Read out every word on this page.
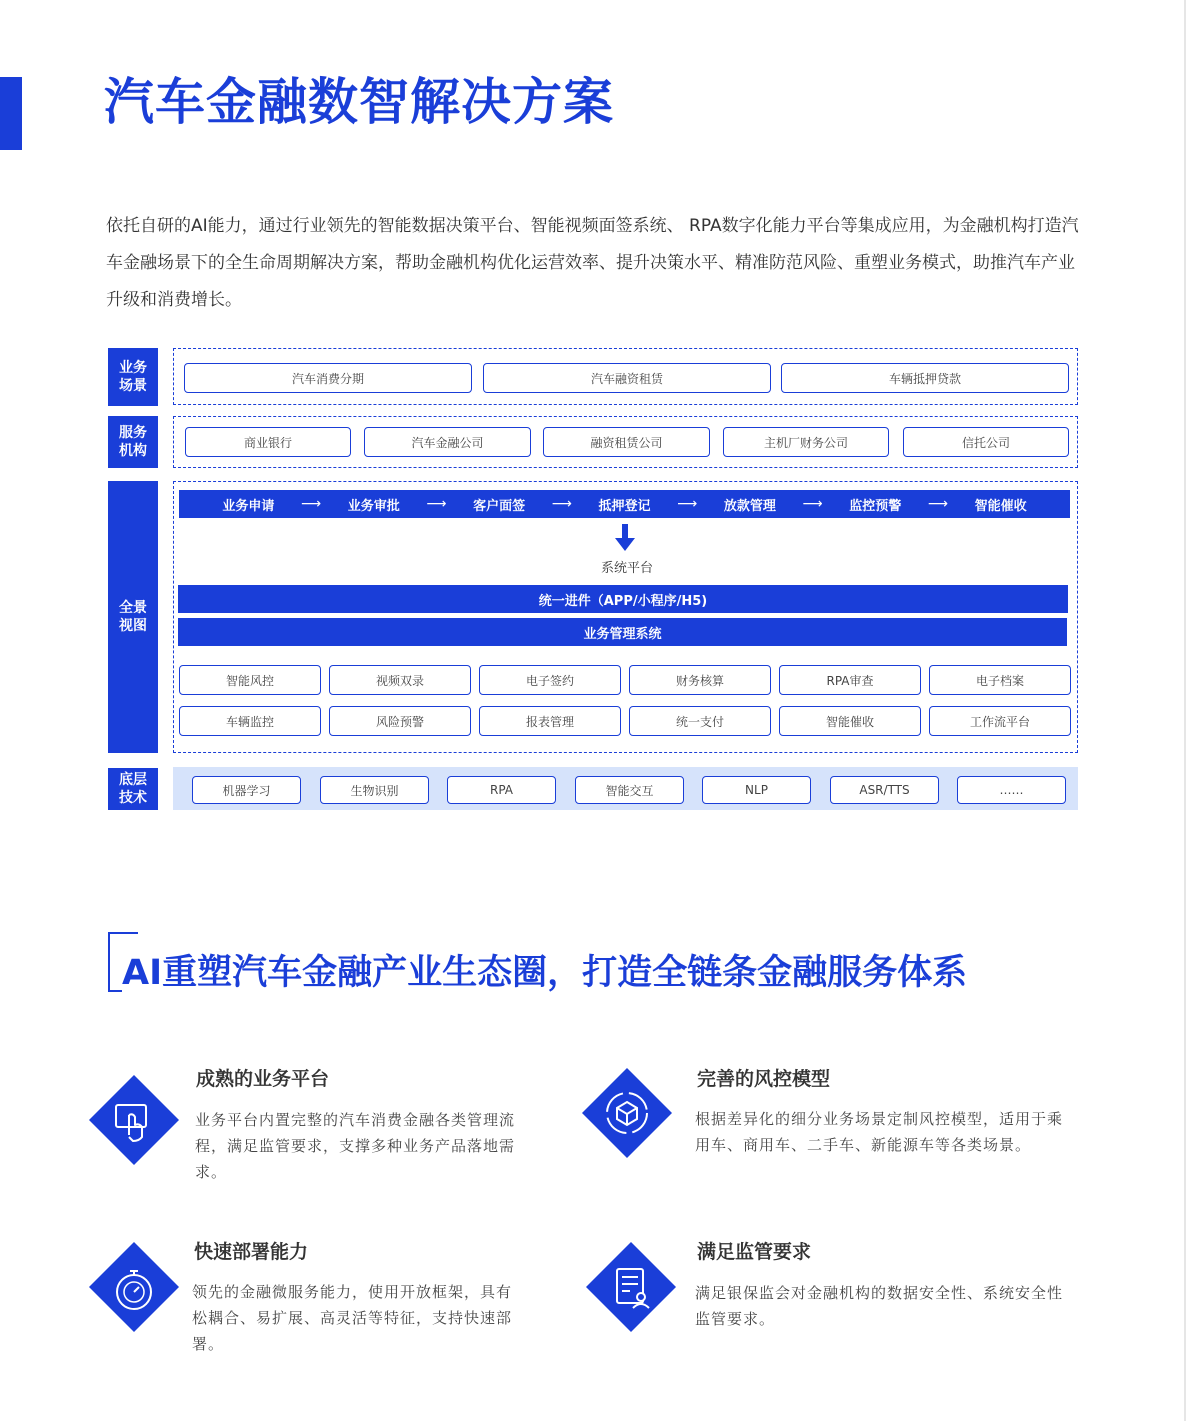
汽车金融数智解决方案

依托自研的AI能力，通过行业领先的智能数据决策平台、智能视频面签系统、 RPA数字化能力平台等集成应用，为金融机构打造汽车金融场景下的全生命周期解决方案，帮助金融机构优化运营效率、提升决策水平、精准防范风险、重塑业务模式，助推汽车产业升级和消费增长。

业务场景
服务机构
全景视图
底层技术
汽车消费分期	汽车融资租赁	车辆抵押贷款
商业银行	汽车金融公司	融资租赁公司	主机厂财务公司	信托公司
业务申请 ⟶ 业务审批 ⟶ 客户面签 ⟶ 抵押登记 ⟶ 放款管理 ⟶ 监控预警 ⟶ 智能催收
系统平台
统一进件（APP/小程序/H5)
业务管理系统
智能风控	视频双录	电子签约	财务核算	RPA审查	电子档案
车辆监控	风险预警	报表管理	统一支付	智能催收	工作流平台
机器学习	生物识别	RPA	智能交互	NLP	ASR/TTS	……
AI重塑汽车金融产业生态圈，打造全链条金融服务体系
成熟的业务平台

业务平台内置完整的汽车消费金融各类管理流程，满足监管要求，支撑多种业务产品落地需求。

完善的风控模型

根据差异化的细分业务场景定制风控模型，适用于乘用车、商用车、二手车、新能源车等各类场景。

快速部署能力

领先的金融微服务能力，使用开放框架，具有松耦合、易扩展、高灵活等特征，支持快速部署。

满足监管要求

满足银保监会对金融机构的数据安全性、系统安全性监管要求。
